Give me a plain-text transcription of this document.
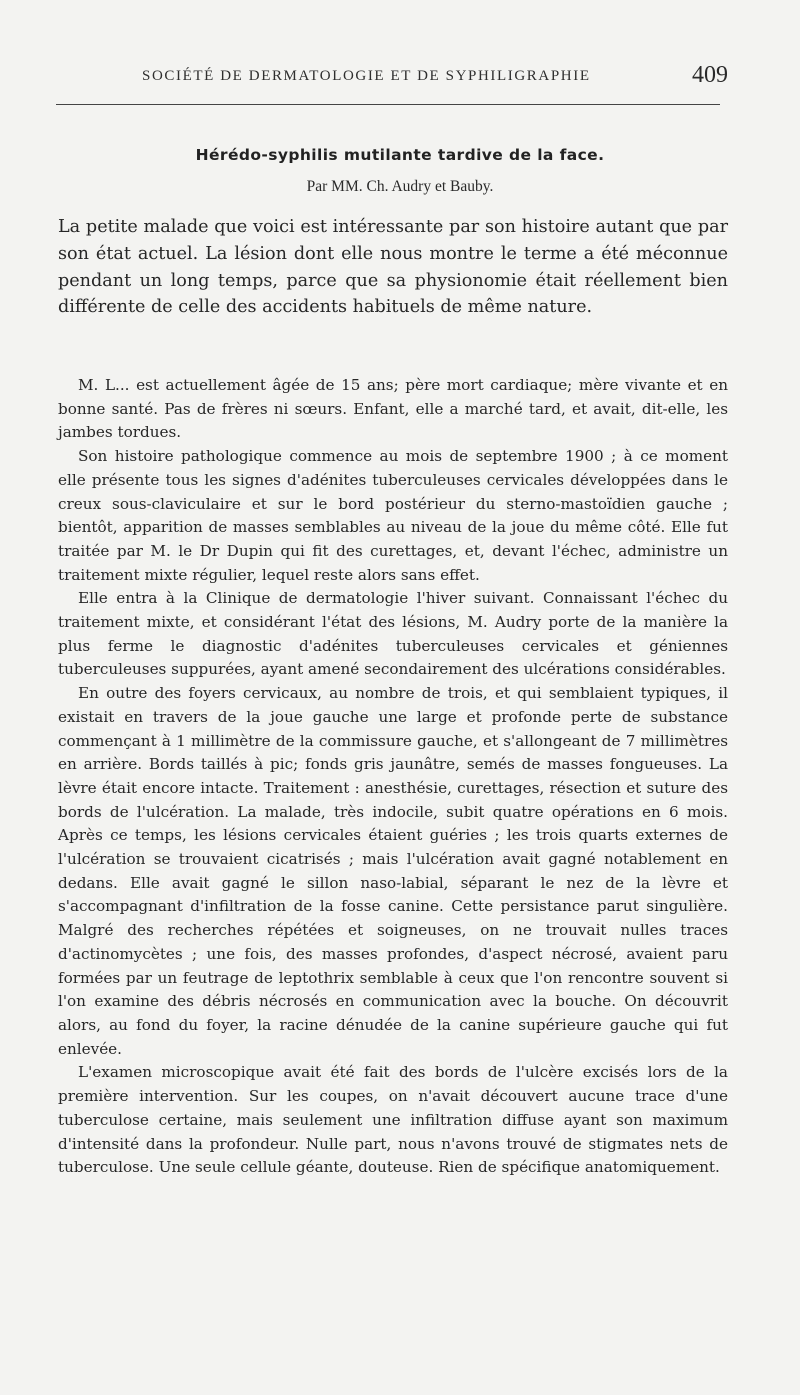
SOCIÉTÉ DE DERMATOLOGIE ET DE SYPHILIGRAPHIE	409
Hérédo-syphilis mutilante tardive de la face.
Par MM. Ch. Audry et Bauby.

La petite malade que voici est intéressante par son histoire autant que par son état actuel. La lésion dont elle nous montre le terme a été méconnue pendant un long temps, parce que sa physionomie était réellement bien différente de celle des accidents habituels de même nature.

M. L... est actuellement âgée de 15 ans; père mort cardiaque; mère vivante et en bonne santé. Pas de frères ni sœurs. Enfant, elle a marché tard, et avait, dit-elle, les jambes tordues.

Son histoire pathologique commence au mois de septembre 1900 ; à ce moment elle présente tous les signes d'adénites tuberculeuses cervicales développées dans le creux sous-claviculaire et sur le bord postérieur du sterno-mastoïdien gauche ; bientôt, apparition de masses semblables au niveau de la joue du même côté. Elle fut traitée par M. le Dr Dupin qui fit des curettages, et, devant l'échec, administre un traitement mixte régulier, lequel reste alors sans effet.

Elle entra à la Clinique de dermatologie l'hiver suivant. Connaissant l'échec du traitement mixte, et considérant l'état des lésions, M. Audry porte de la manière la plus ferme le diagnostic d'adénites tuberculeuses cervicales et géniennes tuberculeuses suppurées, ayant amené secondairement des ulcérations considérables.

En outre des foyers cervicaux, au nombre de trois, et qui semblaient typiques, il existait en travers de la joue gauche une large et profonde perte de substance commençant à 1 millimètre de la commissure gauche, et s'allongeant de 7 millimètres en arrière. Bords taillés à pic; fonds gris jaunâtre, semés de masses fongueuses. La lèvre était encore intacte. Traitement : anesthésie, curettages, résection et suture des bords de l'ulcération. La malade, très indocile, subit quatre opérations en 6 mois. Après ce temps, les lésions cervicales étaient guéries ; les trois quarts externes de l'ulcération se trouvaient cicatrisés ; mais l'ulcération avait gagné notablement en dedans. Elle avait gagné le sillon naso-labial, séparant le nez de la lèvre et s'accompagnant d'infiltration de la fosse canine. Cette persistance parut singulière. Malgré des recherches répétées et soigneuses, on ne trouvait nulles traces d'actinomycètes ; une fois, des masses profondes, d'aspect nécrosé, avaient paru formées par un feutrage de leptothrix semblable à ceux que l'on rencontre souvent si l'on examine des débris nécrosés en communication avec la bouche. On découvrit alors, au fond du foyer, la racine dénudée de la canine supérieure gauche qui fut enlevée.

L'examen microscopique avait été fait des bords de l'ulcère excisés lors de la première intervention. Sur les coupes, on n'avait découvert aucune trace d'une tuberculose certaine, mais seulement une infiltration diffuse ayant son maximum d'intensité dans la profondeur. Nulle part, nous n'avons trouvé de stigmates nets de tuberculose. Une seule cellule géante, douteuse. Rien de spécifique anatomiquement.
